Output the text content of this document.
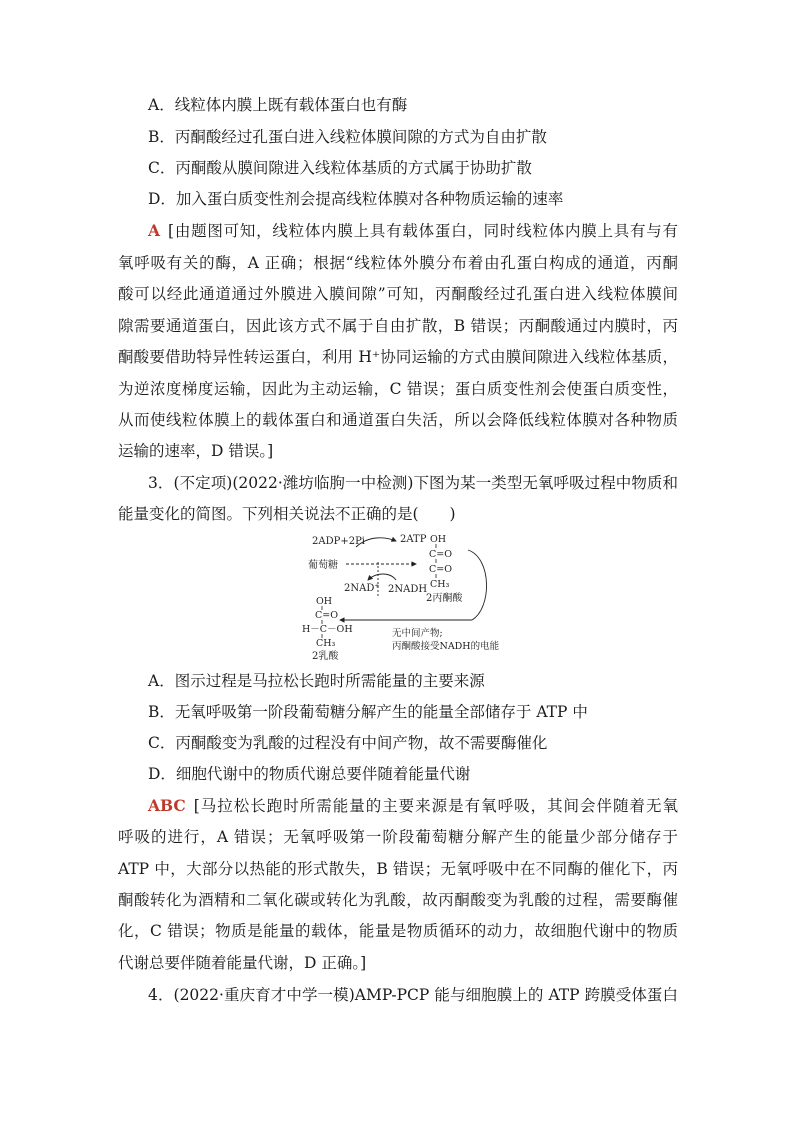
A．线粒体内膜上既有载体蛋白也有酶
B．丙酮酸经过孔蛋白进入线粒体膜间隙的方式为自由扩散
C．丙酮酸从膜间隙进入线粒体基质的方式属于协助扩散
D．加入蛋白质变性剂会提高线粒体膜对各种物质运输的速率
A [由题图可知，线粒体内膜上具有载体蛋白，同时线粒体内膜上具有与有
氧呼吸有关的酶，A 正确；根据“线粒体外膜分布着由孔蛋白构成的通道，丙酮
酸可以经此通道通过外膜进入膜间隙”可知，丙酮酸经过孔蛋白进入线粒体膜间
隙需要通道蛋白，因此该方式不属于自由扩散，B 错误；丙酮酸通过内膜时，丙
酮酸要借助特异性转运蛋白，利用 H⁺协同运输的方式由膜间隙进入线粒体基质，
为逆浓度梯度运输，因此为主动运输，C 错误；蛋白质变性剂会使蛋白质变性，
从而使线粒体膜上的载体蛋白和通道蛋白失活，所以会降低线粒体膜对各种物质
运输的速率，D 错误。]
3．(不定项)(2022·潍坊临朐一中检测)下图为某一类型无氧呼吸过程中物质和
能量变化的简图。下列相关说法不正确的是(　　)
2ADP+2Pi	2ATP
葡萄糖
2NAD⁺ 2NADH
OH
C=O
C=O
CH₃
2丙酮酸
OH
C=O
H－C－OH
CH₃
2乳酸
无中间产物;
丙酮酸接受NADH的电能
A．图示过程是马拉松长跑时所需能量的主要来源
B．无氧呼吸第一阶段葡萄糖分解产生的能量全部储存于 ATP 中
C．丙酮酸变为乳酸的过程没有中间产物，故不需要酶催化
D．细胞代谢中的物质代谢总要伴随着能量代谢
ABC [马拉松长跑时所需能量的主要来源是有氧呼吸，其间会伴随着无氧
呼吸的进行，A 错误；无氧呼吸第一阶段葡萄糖分解产生的能量少部分储存于
ATP 中，大部分以热能的形式散失，B 错误；无氧呼吸中在不同酶的催化下，丙
酮酸转化为酒精和二氧化碳或转化为乳酸，故丙酮酸变为乳酸的过程，需要酶催
化，C 错误；物质是能量的载体，能量是物质循环的动力，故细胞代谢中的物质
代谢总要伴随着能量代谢，D 正确。]
4．(2022·重庆育才中学一模)AMP-PCP 能与细胞膜上的 ATP 跨膜受体蛋白
